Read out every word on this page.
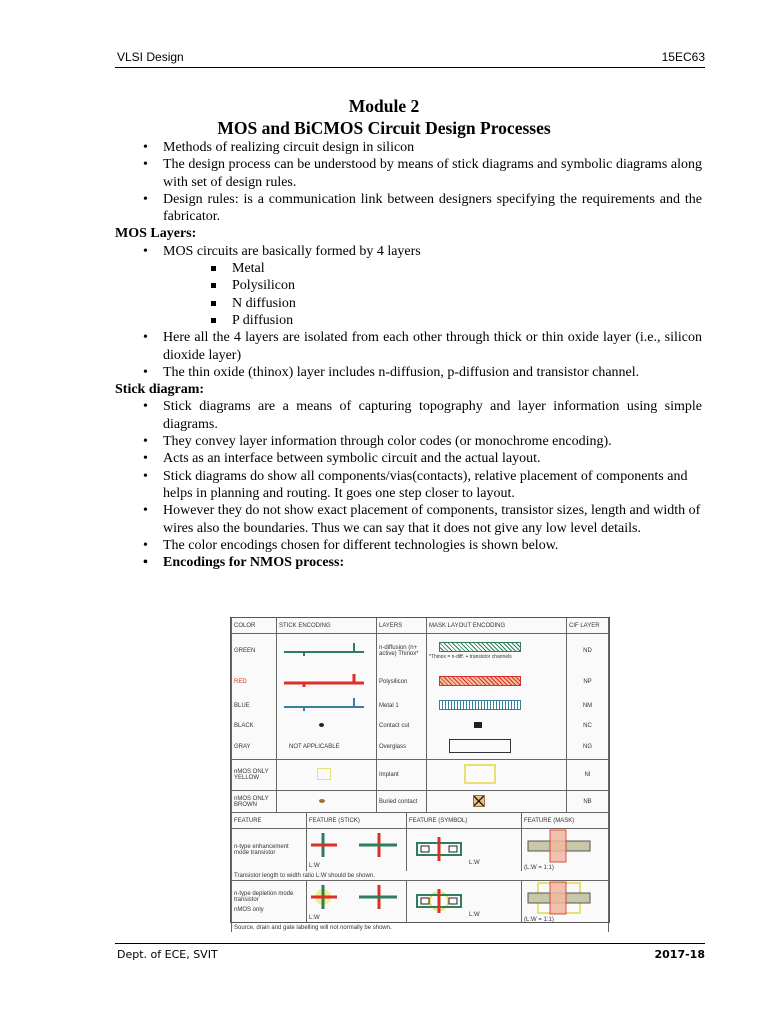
VLSI Design	15EC63
Module 2
MOS and BiCMOS Circuit Design Processes
• Methods of realizing circuit design in silicon
• The design process can be understood by means of stick diagrams and symbolic diagrams along with set of design rules.
• Design rules: is a communication link between designers specifying the requirements and the fabricator.
MOS Layers:
• MOS circuits are basically formed by 4 layers
Metal
Polysilicon
N diffusion
P diffusion
• Here all the 4 layers are isolated from each other through thick or thin oxide layer (i.e., silicon dioxide layer)
• The thin oxide (thinox) layer includes n-diffusion, p-diffusion and transistor channel.
Stick diagram:
• Stick diagrams are a means of capturing topography and layer information using simple diagrams.
• They convey layer information through color codes (or monochrome encoding).
• Acts as an interface between symbolic circuit and the actual layout.
• Stick diagrams do show all components/vias(contacts), relative placement of components and helps in planning and routing. It goes one step closer to layout.
• However they do not show exact placement of components, transistor sizes, length and width of wires also the boundaries. Thus we can say that it does not give any low level details.
• The color encodings chosen for different technologies is shown below.
• Encodings for NMOS process:
COLOR	STICK ENCODING	LAYERS	MASK LAYOUT ENCODING	CIF LAYER
GREEN		n-diffusion (n+ active) Thinox*	*Thinox = n-diff. + transistor channels	ND
RED		Polysilicon		NP
BLUE		Metal 1		NM
BLACK		Contact cut		NC
GRAY	NOT APPLICABLE	Overglass		NG
nMOS ONLY YELLOW		Implant		NI
nMOS ONLY BROWN		Buried contact		NB
FEATURE	FEATURE (STICK)	FEATURE (SYMBOL)	FEATURE (MASK)

n-type enhancement mode transistor	L:W	L:W	(L:W = 1:1)
Transistor length to width ratio L:W should be shown.			

n-type depletion mode transistor
nMOS only	L:W	L:W	(L:W = 1:1)
Source, drain and gate labelling will not normally be shown.			
Dept. of ECE, SVIT	2017-18
